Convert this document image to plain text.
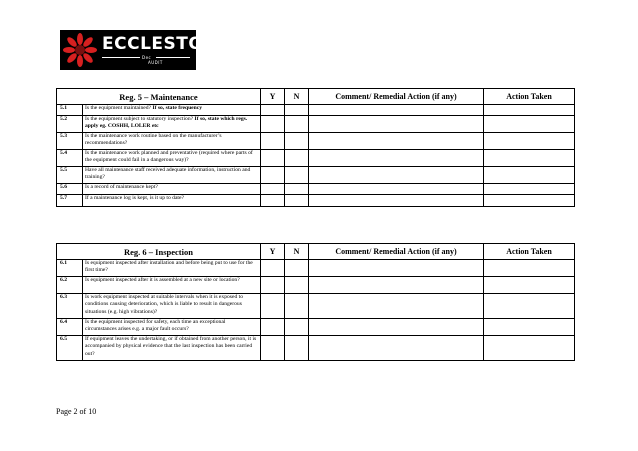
ECCLESTON
Dec
AUDIT
Reg. 5 – Maintenance		Y	N	Comment/ Remedial Action (if any)	Action Taken
5.1	Is the equipment maintained? If so, state frequency				
5.2	Is the equipment subject to statutory inspection? If so, state which regs. apply eg. COSHH, LOLER etc				
5.3	Is the maintenance work routine based on the manufacturer’s recommendations?				
5.4	Is the maintenance work planned and preventative (required where parts of the equipment could fail in a dangerous way)?				
5.5	Have all maintenance staff received adequate information, instruction and training?				
5.6	Is a record of maintenance kept?				
5.7	If a maintenance log is kept, is it up to date?				
Reg. 6 – Inspection		Y	N	Comment/ Remedial Action (if any)	Action Taken
6.1	Is equipment inspected after installation and before being put to use for the first time?				
6.2	Is equipment inspected after it is assembled at a new site or location?				
6.3	Is work equipment inspected at suitable intervals when it is exposed to conditions causing deterioration, which is liable to result in dangerous situations (e.g. high vibrations)?				
6.4	Is the equipment inspected for safety, each time an exceptional circumstances arises e.g. a major fault occurs?				
6.5	If equipment leaves the undertaking, or if obtained from another person, it is accompanied by physical evidence that the last inspection has been carried out?				
Page 2 of 10
